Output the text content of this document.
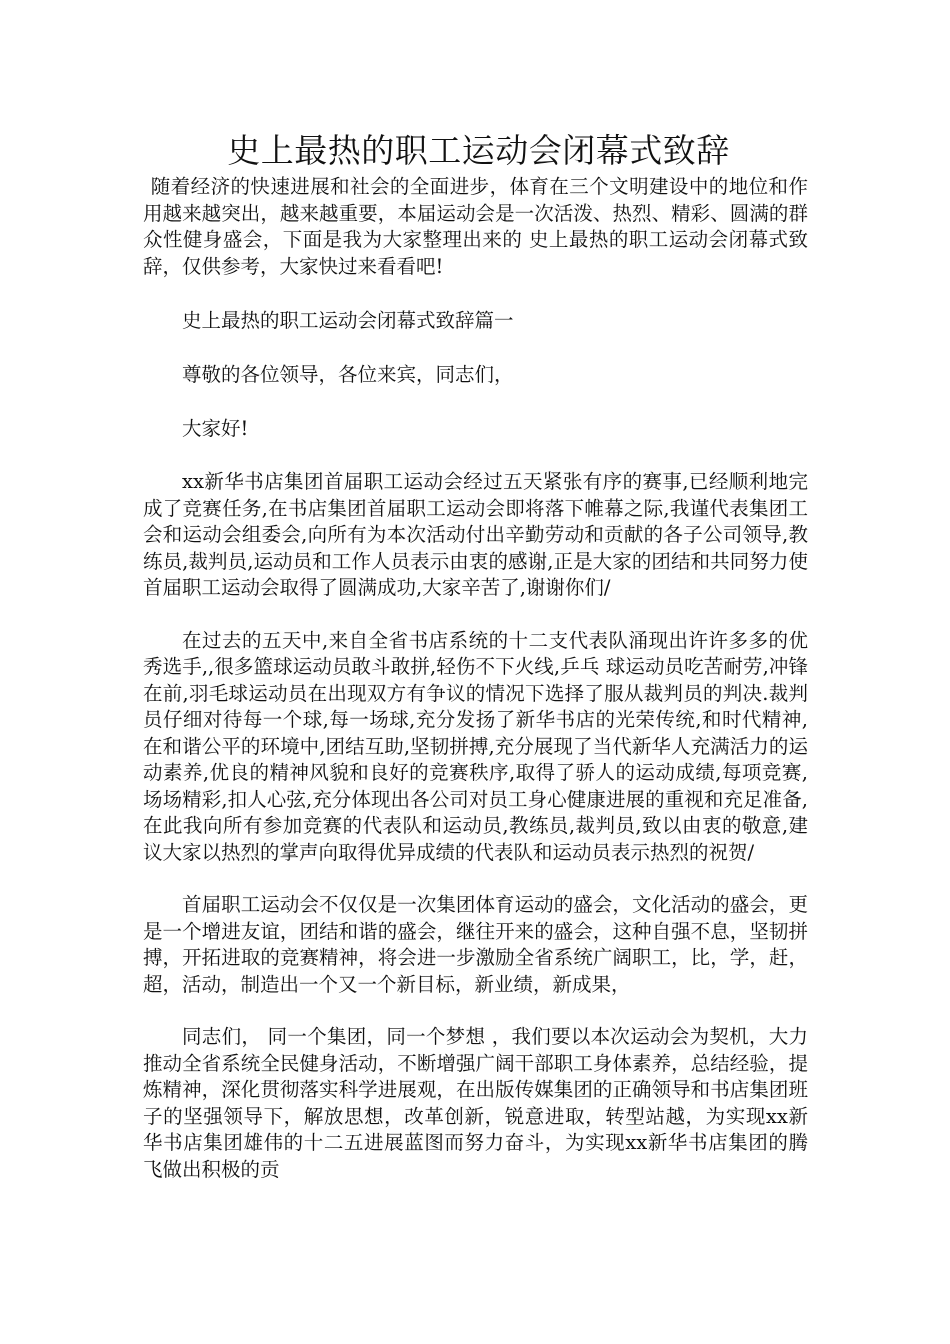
史上最热的职工运动会闭幕式致辞

随着经济的快速进展和社会的全面进步，体育在三个文明建设中的地位和作用越来越突出，越来越重要，本届运动会是一次活泼、热烈、精彩、圆满的群众性健身盛会，下面是我为大家整理出来的 史上最热的职工运动会闭幕式致辞，仅供参考，大家快过来看看吧!

史上最热的职工运动会闭幕式致辞篇一

尊敬的各位领导，各位来宾，同志们，

大家好!

xx新华书店集团首届职工运动会经过五天紧张有序的赛事,已经顺利地完成了竞赛任务,在书店集团首届职工运动会即将落下帷幕之际,我谨代表集团工会和运动会组委会,向所有为本次活动付出辛勤劳动和贡献的各子公司领导,教练员,裁判员,运动员和工作人员表示由衷的感谢,正是大家的团结和共同努力使首届职工运动会取得了圆满成功,大家辛苦了,谢谢你们/

在过去的五天中,来自全省书店系统的十二支代表队涌现出许许多多的优秀选手,,很多篮球运动员敢斗敢拼,轻伤不下火线,乒乓 球运动员吃苦耐劳,冲锋在前,羽毛球运动员在出现双方有争议的情况下选择了服从裁判员的判决.裁判员仔细对待每一个球,每一场球,充分发扬了新华书店的光荣传统,和时代精神,在和谐公平的环境中,团结互助,坚韧拼搏,充分展现了当代新华人充满活力的运动素养,优良的精神风貌和良好的竞赛秩序,取得了骄人的运动成绩,每项竞赛,场场精彩,扣人心弦,充分体现出各公司对员工身心健康进展的重视和充足准备,在此我向所有参加竞赛的代表队和运动员,教练员,裁判员,致以由衷的敬意,建议大家以热烈的掌声向取得优异成绩的代表队和运动员表示热烈的祝贺/

首届职工运动会不仅仅是一次集团体育运动的盛会，文化活动的盛会，更是一个增进友谊，团结和谐的盛会，继往开来的盛会，这种自强不息，坚韧拼搏，开拓进取的竞赛精神，将会进一步激励全省系统广阔职工，比，学，赶，超，活动，制造出一个又一个新目标，新业绩，新成果，

同志们， 同一个集团，同一个梦想 ，我们要以本次运动会为契机，大力推动全省系统全民健身活动，不断增强广阔干部职工身体素养，总结经验，提炼精神，深化贯彻落实科学进展观，在出版传媒集团的正确领导和书店集团班子的坚强领导下，解放思想，改革创新，锐意进取，转型站越，为实现xx新华书店集团雄伟的十二五进展蓝图而努力奋斗，为实现xx新华书店集团的腾飞做出积极的贡
